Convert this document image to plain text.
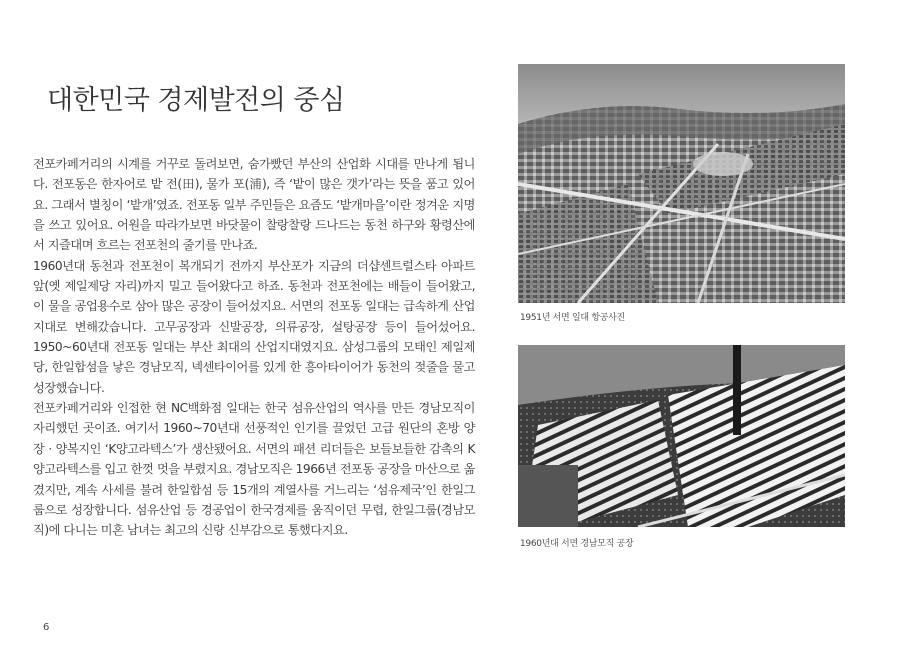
대한민국 경제발전의 중심

전포카페거리의 시계를 거꾸로 돌려보면, 숨가빴던 부산의 산업화 시대를 만나게 됩니다. 전포동은 한자어로 밭 전(田), 물가 포(浦), 즉 ‘밭이 많은 갯가’라는 뜻을 품고 있어요. 그래서 별칭이 ‘밭개’였죠. 전포동 일부 주민들은 요즘도 ‘밭개마을’이란 정겨운 지명을 쓰고 있어요. 어원을 따라가보면 바닷물이 찰랑찰랑 드나드는 동천 하구와 황령산에서 지즐대며 흐르는 전포천의 줄기를 만나죠.

1960년대 동천과 전포천이 복개되기 전까지 부산포가 지금의 더샵센트럴스타 아파트 앞(옛 제일제당 자리)까지 밀고 들어왔다고 하죠. 동천과 전포천에는 배들이 들어왔고, 이 물을 공업용수로 삼아 많은 공장이 들어섰지요. 서면의 전포동 일대는 급속하게 산업지대로 변해갔습니다. 고무공장과 신발공장, 의류공장, 설탕공장 등이 들어섰어요. 1950~60년대 전포동 일대는 부산 최대의 산업지대였지요. 삼성그룹의 모태인 제일제당, 한일합섬을 낳은 경남모직, 넥센타이어를 있게 한 흥아타이어가 동천의 젖줄을 물고 성장했습니다.

전포카페거리와 인접한 현 NC백화점 일대는 한국 섬유산업의 역사를 만든 경남모직이 자리했던 곳이죠. 여기서 1960~70년대 선풍적인 인기를 끌었던 고급 원단의 혼방 양장 · 양복지인 ‘K양고라텍스’가 생산됐어요. 서면의 패션 리더들은 보들보들한 감촉의 K양고라텍스를 입고 한껏 멋을 부렸지요. 경남모직은 1966년 전포동 공장을 마산으로 옮겼지만, 계속 사세를 불려 한일합섬 등 15개의 계열사를 거느리는 ‘섬유제국’인 한일그룹으로 성장합니다. 섬유산업 등 경공업이 한국경제를 움직이던 무렵, 한일그룹(경남모직)에 다니는 미혼 남녀는 최고의 신랑 신부감으로 통했다지요.

1951년 서면 일대 항공사진

1960년대 서면 경남모직 공장

6
